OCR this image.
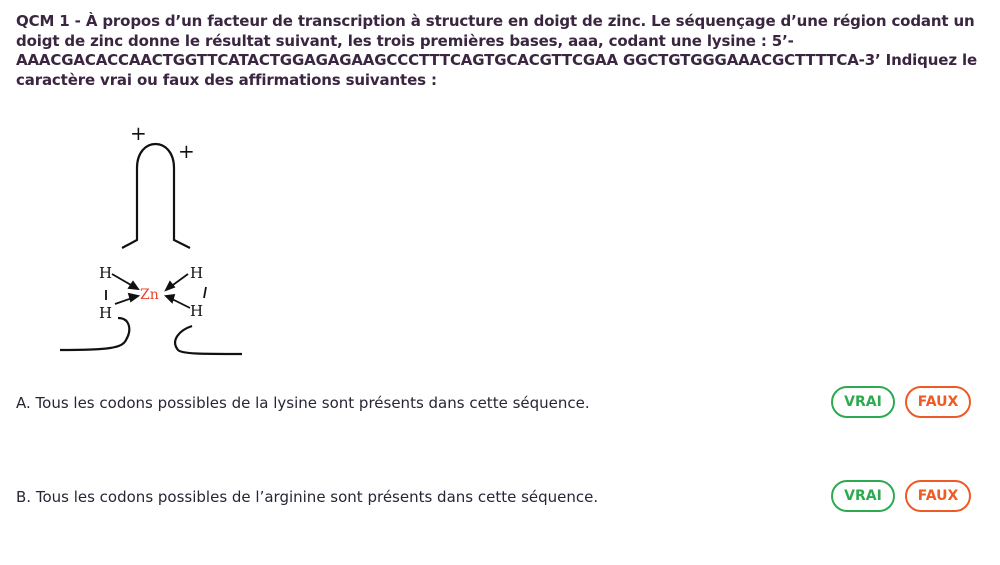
QCM 1 - À propos d’un facteur de transcription à structure en doigt de zinc. Le séquençage d’une région codant un doigt de zinc donne le résultat suivant, les trois premières bases, aaa, codant une lysine : 5’-AAACGACACCAACTGGTTCATACTGGAGAGAAGCCCTTTCAGTGCACGTTCGAA GGCTGTGGGAAACGCTTTTCA-3’ Indiquez le caractère vrai ou faux des affirmations suivantes :
+
+
H	H
H	H
Zn
A. Tous les codons possibles de la lysine sont présents dans cette séquence.	VRAI	FAUX
B. Tous les codons possibles de l’arginine sont présents dans cette séquence.	VRAI	FAUX
